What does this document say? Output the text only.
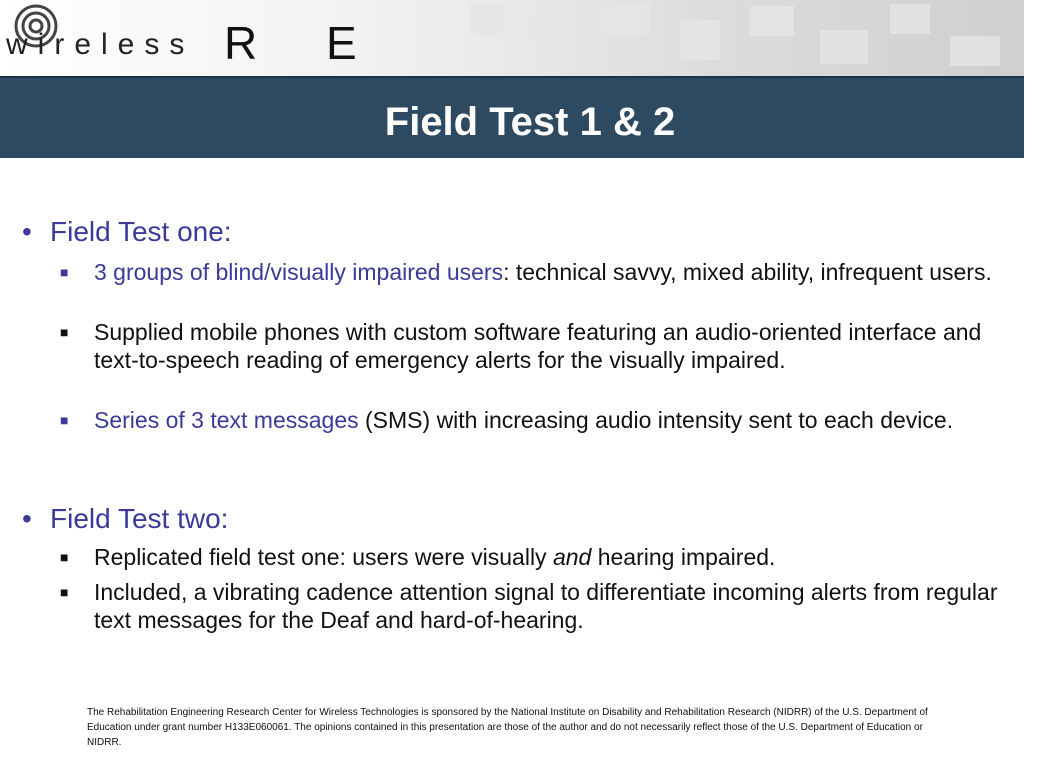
wireless R E
Field Test 1 & 2
• Field Test one:
■ 3 groups of blind/visually impaired users: technical savvy, mixed ability, infrequent users.
■ Supplied mobile phones with custom software featuring an audio-oriented interface and text-to-speech reading of emergency alerts for the visually impaired.
■ Series of 3 text messages (SMS) with increasing audio intensity sent to each device.
• Field Test two:
■ Replicated field test one: users were visually and hearing impaired.
■ Included, a vibrating cadence attention signal to differentiate incoming alerts from regular text messages for the Deaf and hard-of-hearing.
The Rehabilitation Engineering Research Center for Wireless Technologies is sponsored by the National Institute on Disability and Rehabilitation Research (NIDRR) of the U.S. Department of Education under grant number H133E060061. The opinions contained in this presentation are those of the author and do not necessarily reflect those of the U.S. Department of Education or NIDRR.
